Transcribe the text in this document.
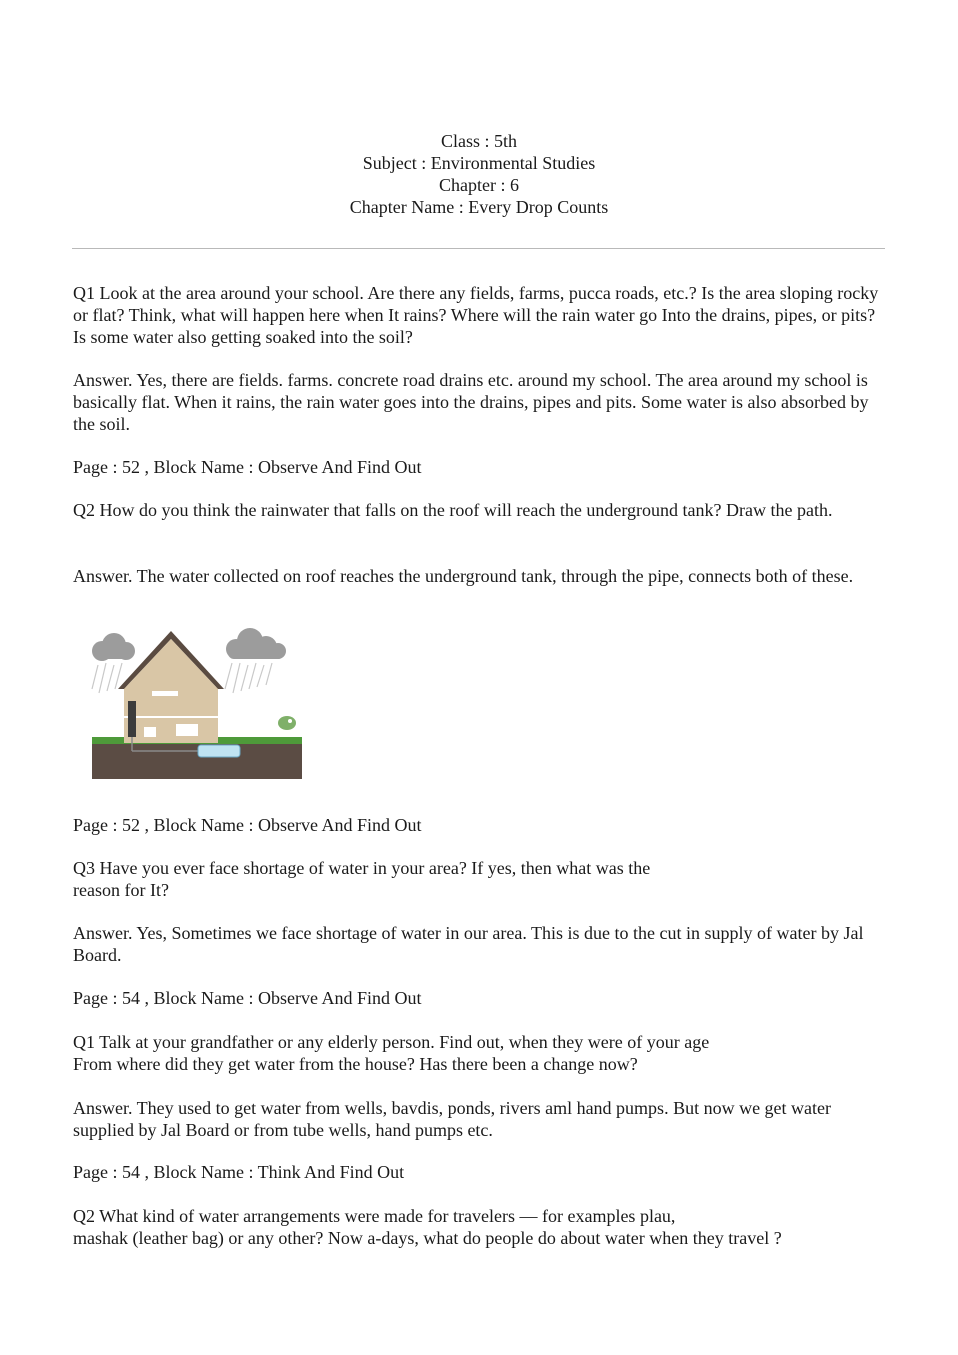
Class : 5th
Subject : Environmental Studies
Chapter : 6
Chapter Name : Every Drop Counts

Q1 Look at the area around your school. Are there any fields, farms, pucca roads, etc.? Is the area sloping rocky or flat? Think, what will happen here when It rains? Where will the rain water go Into the drains, pipes, or pits? Is some water also getting soaked into the soil?

Answer. Yes, there are fields. farms. concrete road drains etc. around my school. The area around my school is basically flat. When it rains, the rain water goes into the drains, pipes and pits. Some water is also absorbed by the soil.

Page : 52 , Block Name : Observe And Find Out

Q2 How do you think the rainwater that falls on the roof will reach the underground tank? Draw the path.

Answer. The water collected on roof reaches the underground tank, through the pipe, connects both of these.

Page : 52 , Block Name : Observe And Find Out

Q3 Have you ever face shortage of water in your area? If yes, then what was the
reason for It?

Answer. Yes, Sometimes we face shortage of water in our area. This is due to the cut in supply of water by Jal Board.

Page : 54 , Block Name : Observe And Find Out

Q1 Talk at your grandfather or any elderly person. Find out, when they were of your age
From where did they get water from the house? Has there been a change now?

Answer. They used to get water from wells, bavdis, ponds, rivers aml hand pumps. But now we get water supplied by Jal Board or from tube wells, hand pumps etc.

Page : 54 , Block Name : Think And Find Out

Q2 What kind of water arrangements were made for travelers — for examples plau,
mashak (leather bag) or any other? Now a-days, what do people do about water when they travel ?
